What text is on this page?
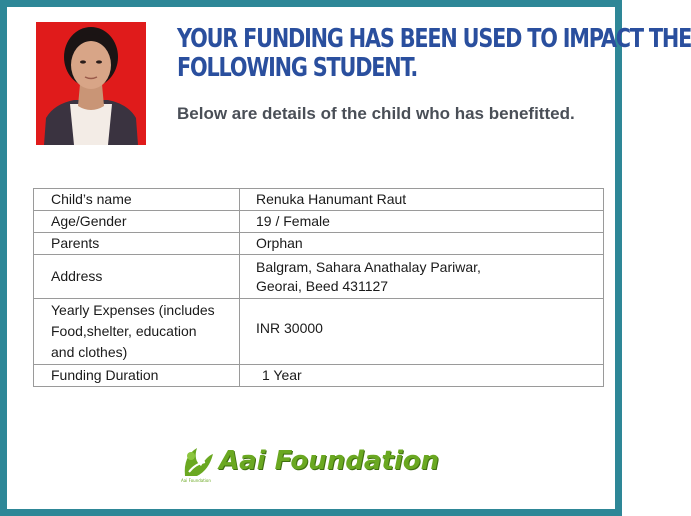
YOUR FUNDING HAS BEEN USED TO IMPACT THE
FOLLOWING STUDENT.
Below are details of the child who has benefitted.
Child’s name	Renuka Hanumant Raut
Age/Gender	19 / Female
Parents	Orphan
Address	Balgram, Sahara Anathalay Pariwar,
Georai, Beed 431127

Yearly Expenses (includes
Food,shelter, education
and clothes)	INR 30000
Funding Duration	1 Year
Aai Foundation
Aai Foundation
